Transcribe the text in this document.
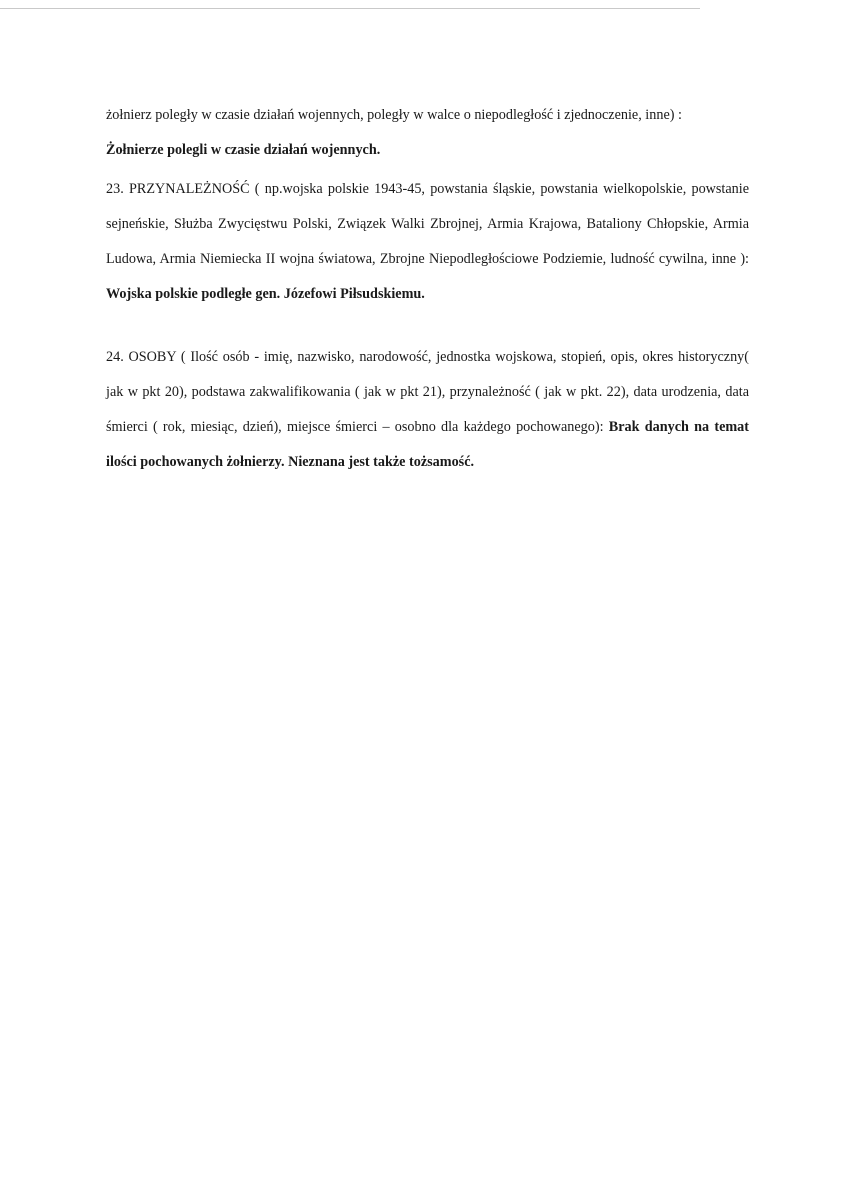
żołnierz poległy w czasie działań wojennych, poległy w walce o niepodległość i zjednoczenie, inne) :
Żołnierze polegli w czasie działań wojennych.

23. PRZYNALEŻNOŚĆ ( np.wojska polskie 1943-45, powstania śląskie, powstania wielkopolskie, powstanie sejneńskie, Służba Zwycięstwu Polski, Związek Walki Zbrojnej, Armia Krajowa, Bataliony Chłopskie, Armia Ludowa, Armia Niemiecka II wojna światowa, Zbrojne Niepodległościowe Podziemie, ludność cywilna, inne ): Wojska polskie podległe gen. Józefowi Piłsudskiemu.

24. OSOBY ( Ilość osób - imię, nazwisko, narodowość, jednostka wojskowa, stopień, opis, okres historyczny( jak w pkt 20), podstawa zakwalifikowania ( jak w pkt 21), przynależność ( jak w pkt. 22), data urodzenia, data śmierci ( rok, miesiąc, dzień), miejsce śmierci – osobno dla każdego pochowanego): Brak danych na temat ilości pochowanych żołnierzy. Nieznana jest także tożsamość.
